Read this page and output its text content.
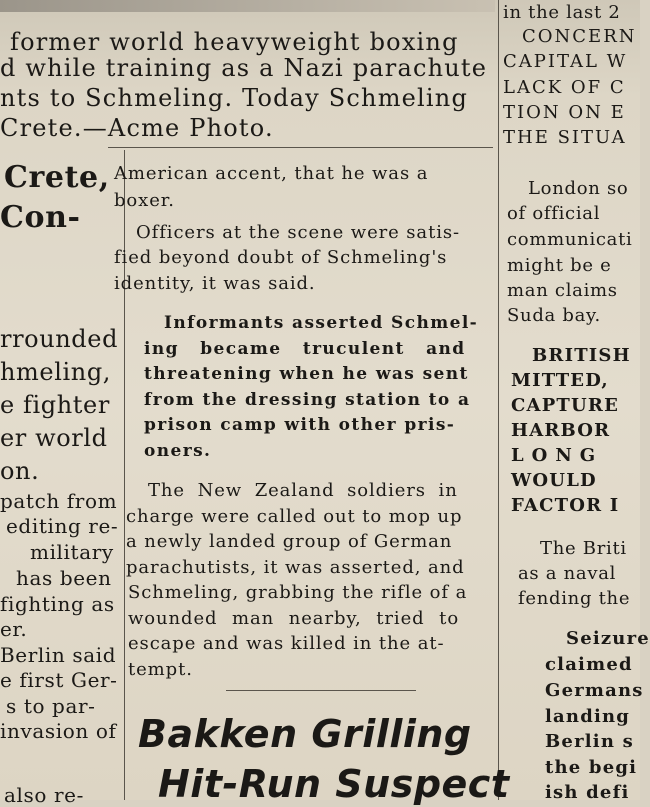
former world heavyweight boxing
d while training as a Nazi parachute
nts to Schmeling. Today Schmeling
Crete.—Acme Photo.
Crete,
Con-
rrounded
hmeling,
e fighter
er world
on.
patch from
editing re-
military
has been
fighting as
er.
Berlin said
e first Ger-
s to par-
invasion of
also re-
American accent, that he was a
boxer.
Officers at the scene were satis-
fied beyond doubt of Schmeling's
identity, it was said.
Informants asserted Schmel-
ing became truculent and
threatening when he was sent
from the dressing station to a
prison camp with other pris-
oners.
The New Zealand soldiers in
charge were called out to mop up
a newly landed group of German
parachutists, it was asserted, and
Schmeling, grabbing the rifle of a
wounded man nearby, tried to
escape and was killed in the at-
tempt.
Bakken Grilling
Hit-Run Suspect
in the last 2
CONCERN
CAPITAL W
LACK OF C
TION ON E
THE SITUA
London so
of official
communicati
might be e
man claims
Suda bay.
BRITISH
MITTED,
CAPTURE
HARBOR
LONG
WOULD
FACTOR I
The Briti
as a naval
fending the
Seizure
claimed
Germans
landing
Berlin s
the begi
ish defi
